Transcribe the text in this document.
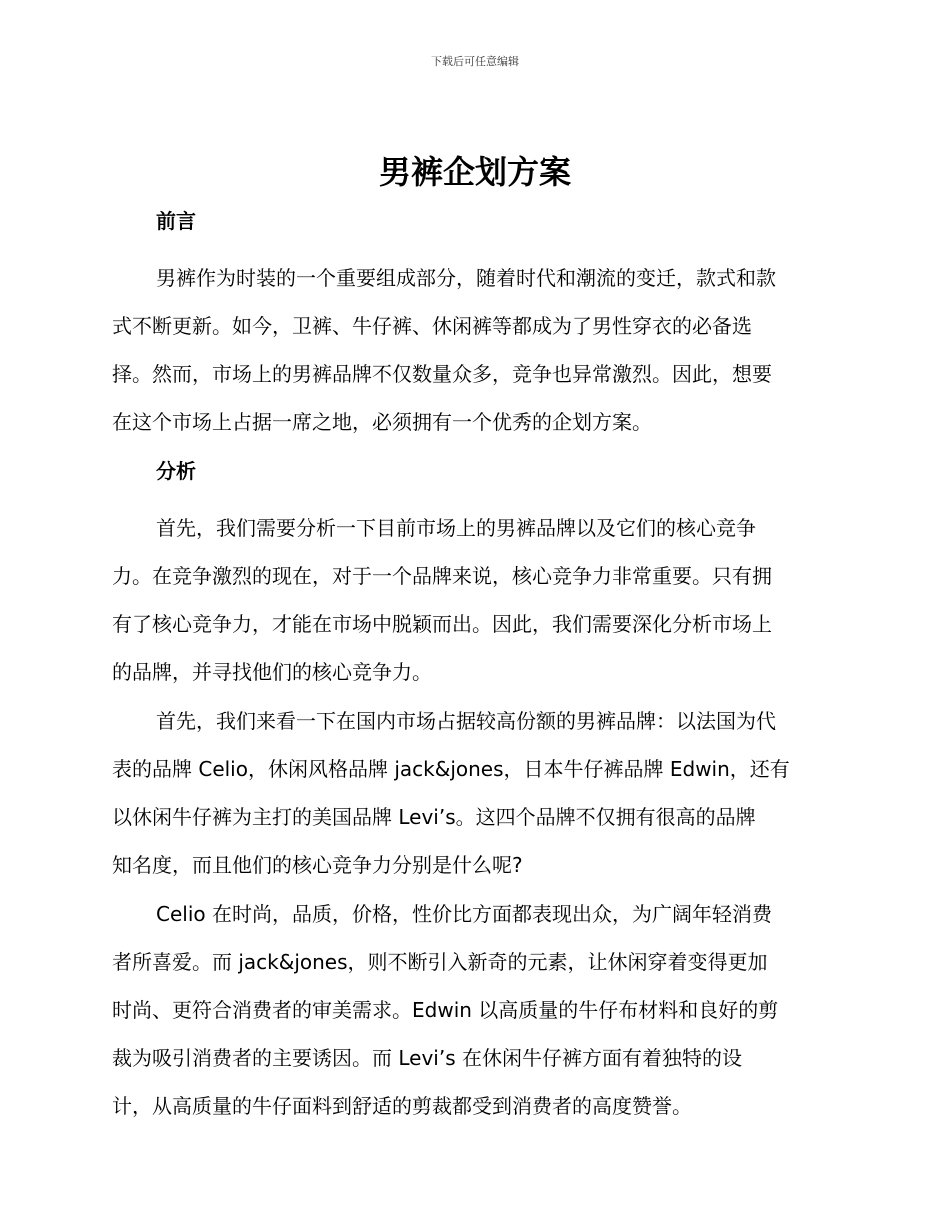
下载后可任意编辑
男裤企划方案
前言

男裤作为时装的一个重要组成部分，随着时代和潮流的变迁，款式和款
式不断更新。如今，卫裤、牛仔裤、休闲裤等都成为了男性穿衣的必备选
择。然而，市场上的男裤品牌不仅数量众多，竞争也异常激烈。因此，想要
在这个市场上占据一席之地，必须拥有一个优秀的企划方案。

分析

首先，我们需要分析一下目前市场上的男裤品牌以及它们的核心竞争
力。在竞争激烈的现在，对于一个品牌来说，核心竞争力非常重要。只有拥
有了核心竞争力，才能在市场中脱颖而出。因此，我们需要深化分析市场上
的品牌，并寻找他们的核心竞争力。

首先，我们来看一下在国内市场占据较高份额的男裤品牌：以法国为代
表的品牌 Celio，休闲风格品牌 jack&jones，日本牛仔裤品牌 Edwin，还有
以休闲牛仔裤为主打的美国品牌 Levi’s。这四个品牌不仅拥有很高的品牌
知名度，而且他们的核心竞争力分别是什么呢?

Celio 在时尚，品质，价格，性价比方面都表现出众，为广阔年轻消费
者所喜爱。而 jack&jones，则不断引入新奇的元素，让休闲穿着变得更加
时尚、更符合消费者的审美需求。Edwin 以高质量的牛仔布材料和良好的剪
裁为吸引消费者的主要诱因。而 Levi’s 在休闲牛仔裤方面有着独特的设
计，从高质量的牛仔面料到舒适的剪裁都受到消费者的高度赞誉。
